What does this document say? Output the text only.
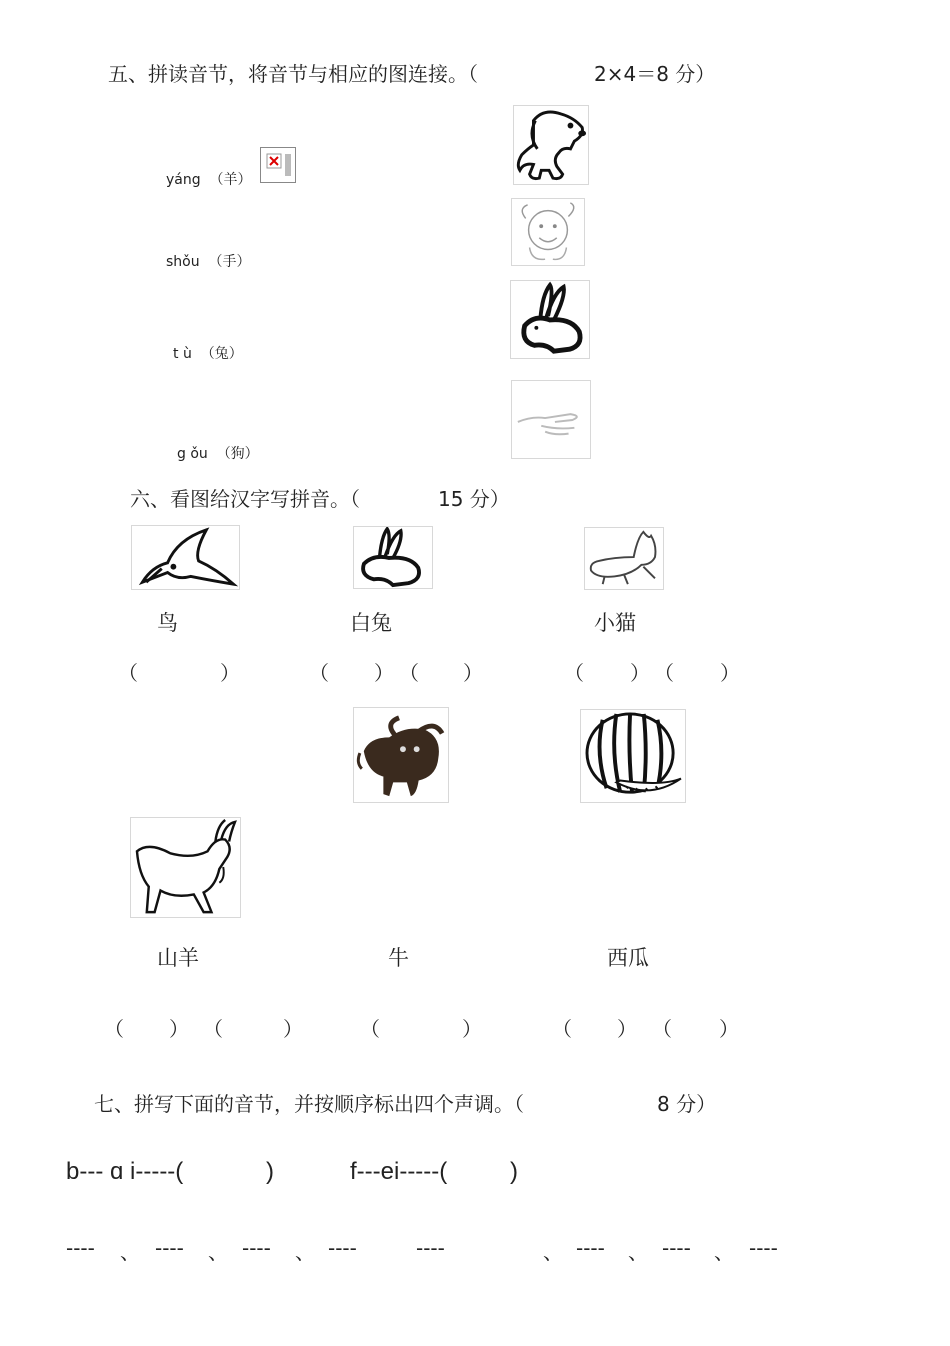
五、拼读音节，将音节与相应的图连接。（	2×4＝8 分）
yáng （羊）
shǒu （手）
t ù （兔）
g ǒu （狗）
六、看图给汉字写拼音。（	15 分）
鸟	白兔	小猫
（	）	（ ） （ ）	（ ） （ ）
山羊	牛	西瓜
（ ） （	）	（	）	（ ） （ ）
七、拼写下面的音节，并按顺序标出四个声调。（	8 分）
b--- ɑ i-----(	)	f---ei-----(	)
---- 、 ---- 、 ---- 、 ----	----	、 ---- 、 ---- 、 ----
